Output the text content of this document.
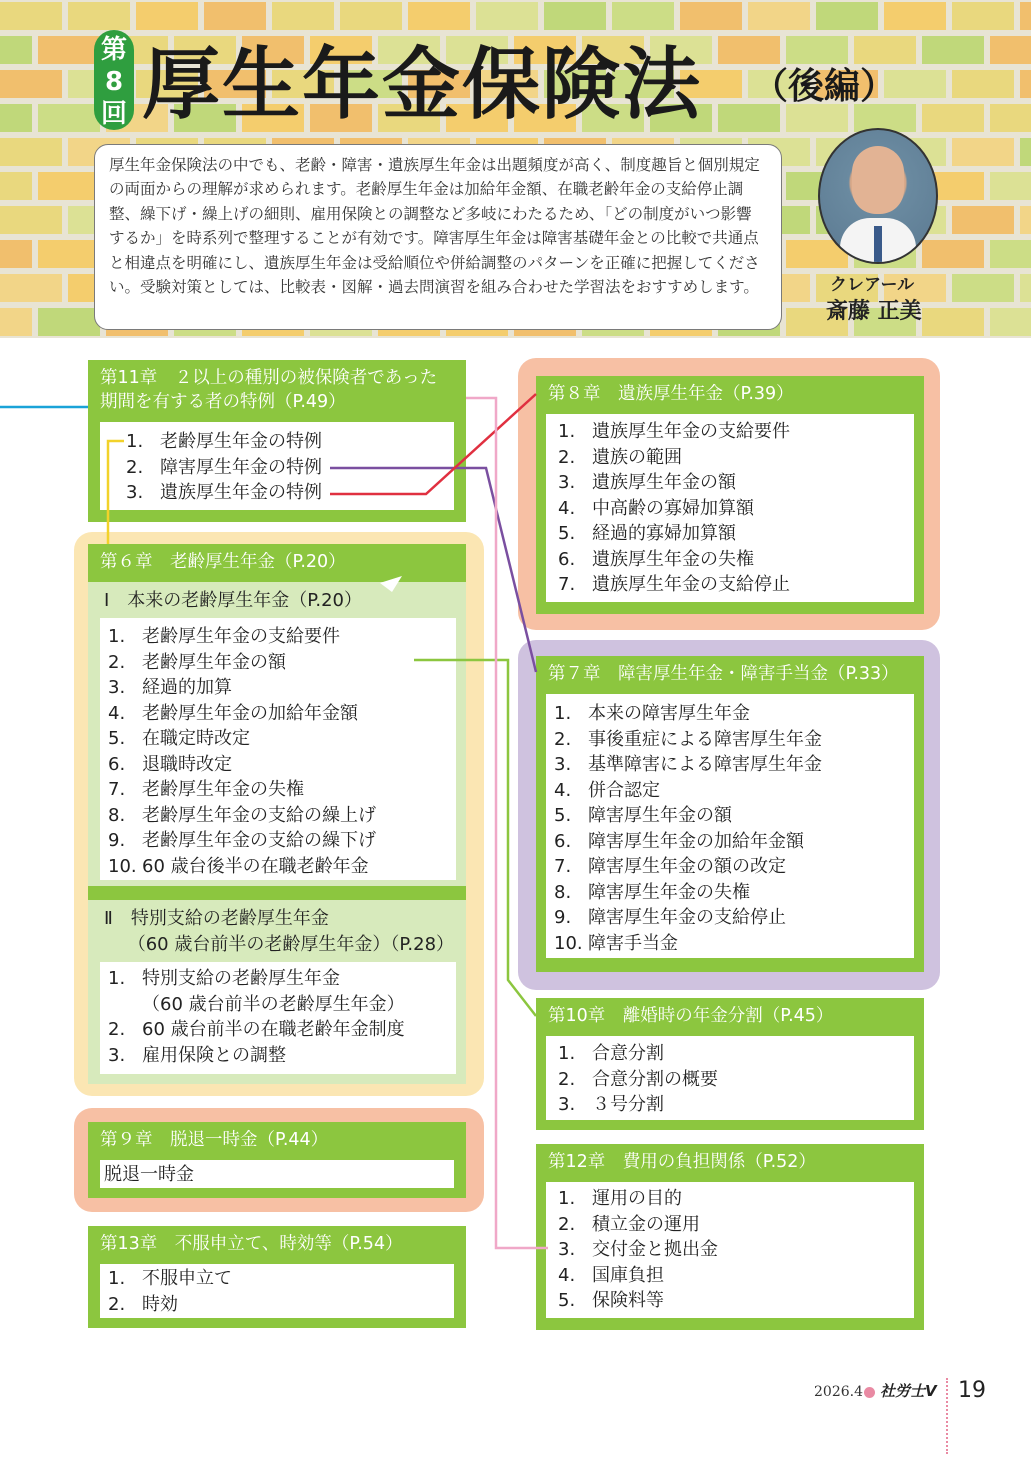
第
8
回 厚生年金保険法 （後編）
厚生年金保険法の中でも、老齢・障害・遺族厚生年金は出題頻度が高く、制度趣旨と個別規定の両面からの理解が求められます。老齢厚生年金は加給年金額、在職老齢年金の支給停止調整、繰下げ・繰上げの細則、雇用保険との調整など多岐にわたるため、「どの制度がいつ影響するか」を時系列で整理することが有効です。障害厚生年金は障害基礎年金との比較で共通点と相違点を明確にし、遺族厚生年金は受給順位や併給調整のパターンを正確に把握してください。受験対策としては、比較表・図解・過去問演習を組み合わせた学習法をおすすめします。	クレアール
斎藤 正美
第11章　２以上の種別の被保険者であった
期間を有する者の特例（P.49）
1. 老齢厚生年金の特例
2. 障害厚生年金の特例
3. 遺族厚生年金の特例
第６章　老齢厚生年金（P.20）
Ⅰ　本来の老齢厚生年金（P.20）
1. 老齢厚生年金の支給要件
2. 老齢厚生年金の額
3. 経過的加算
4. 老齢厚生年金の加給年金額
5. 在職定時改定
6. 退職時改定
7. 老齢厚生年金の失権
8. 老齢厚生年金の支給の繰上げ
9. 老齢厚生年金の支給の繰下げ
10. 60 歳台後半の在職老齢年金
Ⅱ　特別支給の老齢厚生年金
　 （60 歳台前半の老齢厚生年金）（P.28）
1. 特別支給の老齢厚生年金
（60 歳台前半の老齢厚生年金）
2. 60 歳台前半の在職老齢年金制度
3. 雇用保険との調整
第９章　脱退一時金（P.44）
脱退一時金
第13章　不服申立て、時効等（P.54）
1. 不服申立て
2. 時効
第８章　遺族厚生年金（P.39）
1. 遺族厚生年金の支給要件
2. 遺族の範囲
3. 遺族厚生年金の額
4. 中高齢の寡婦加算額
5. 経過的寡婦加算額
6. 遺族厚生年金の失権
7. 遺族厚生年金の支給停止
第７章　障害厚生年金・障害手当金（P.33）
1. 本来の障害厚生年金
2. 事後重症による障害厚生年金
3. 基準障害による障害厚生年金
4. 併合認定
5. 障害厚生年金の額
6. 障害厚生年金の加給年金額
7. 障害厚生年金の額の改定
8. 障害厚生年金の失権
9. 障害厚生年金の支給停止
10. 障害手当金
第10章　離婚時の年金分割（P.45）
1. 合意分割
2. 合意分割の概要
3. ３号分割
第12章　費用の負担関係（P.52）
1. 運用の目的
2. 積立金の運用
3. 交付金と拠出金
4. 国庫負担
5. 保険料等
2026.4 社労士V 19
